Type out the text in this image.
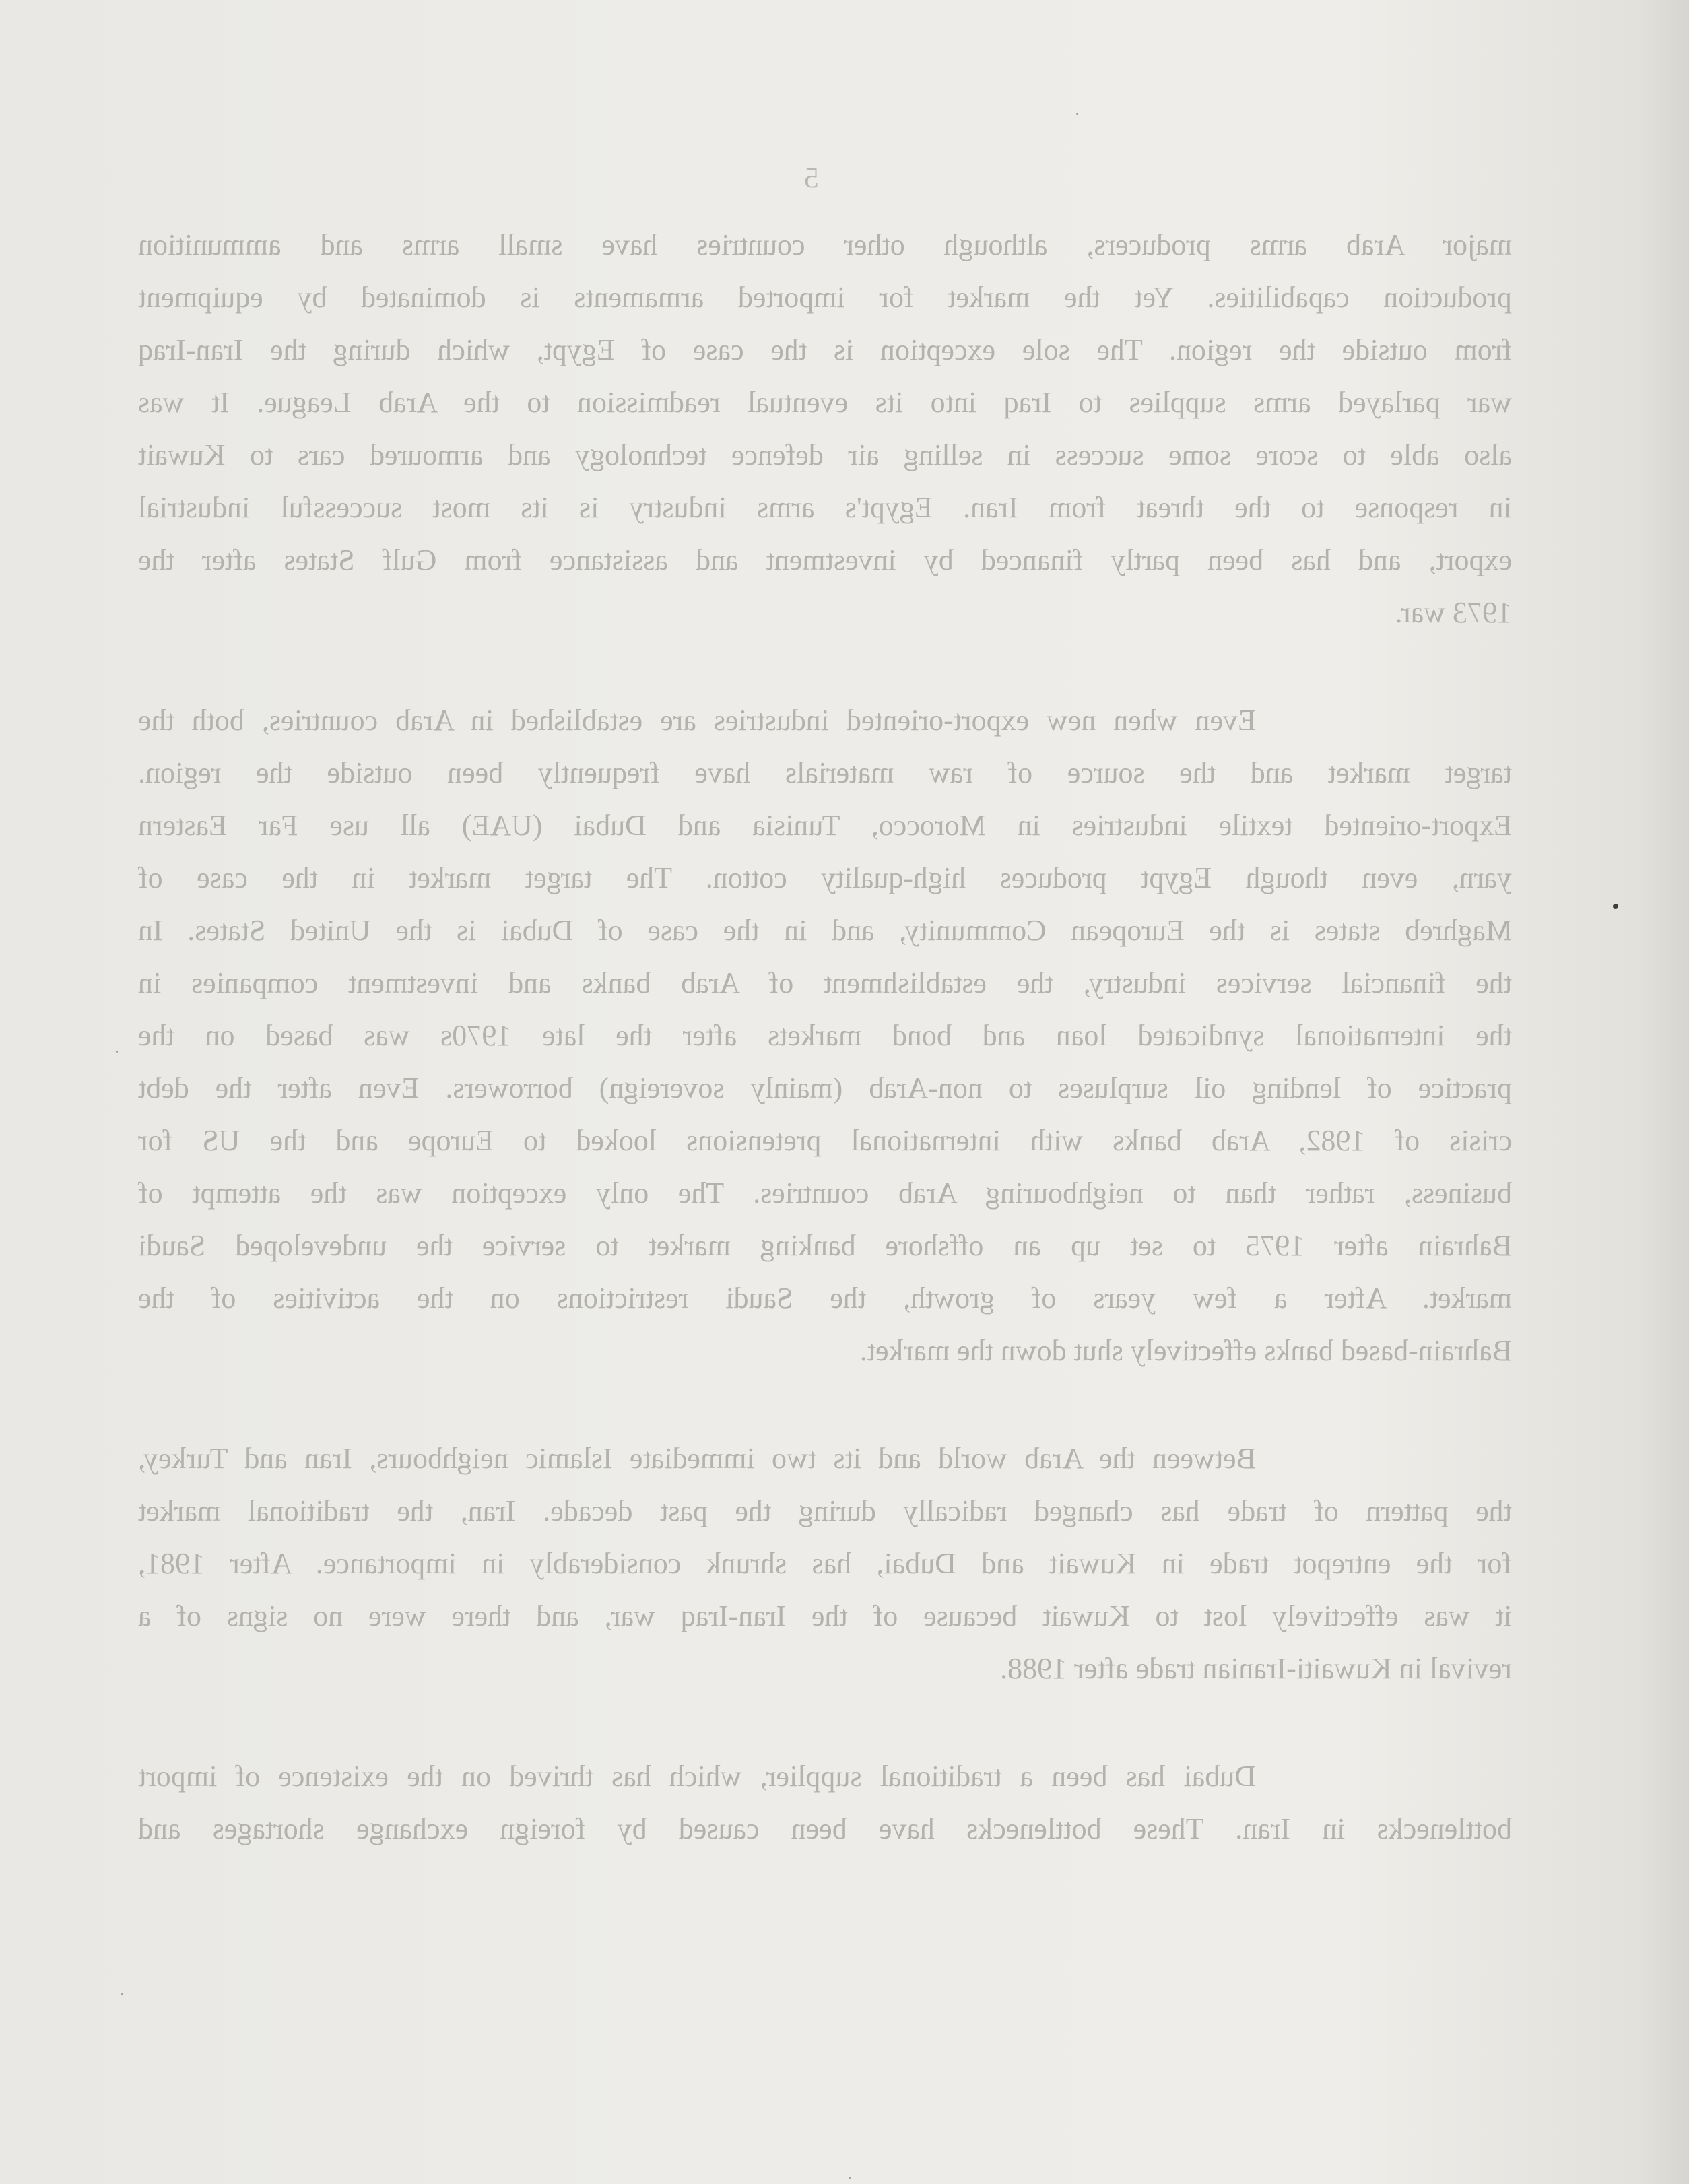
5
major Arab arms producers, although other countries have small arms and ammunition
production capabilities. Yet the market for imported armaments is dominated by equipment
from outside the region. The sole exception is the case of Egypt, which during the Iran-Iraq
war parlayed arms supplies to Iraq into its eventual readmission to the Arab League. It was
also able to score some success in selling air defence technology and armoured cars to Kuwait
in response to the threat from Iran. Egypt's arms industry is its most successful industrial
export, and has been partly financed by investment and assistance from Gulf States after the
1973 war.
Even when new export-oriented industries are established in Arab countries, both the
target market and the source of raw materials have frequently been outside the region.
Export-oriented textile industries in Morocco, Tunisia and Dubai (UAE) all use Far Eastern
yarn, even though Egypt produces high-quality cotton. The target market in the case of
Maghreb states is the European Community, and in the case of Dubai is the United States. In
the financial services industry, the establishment of Arab banks and investment companies in
the international syndicated loan and bond markets after the late 1970s was based on the
practice of lending oil surpluses to non-Arab (mainly sovereign) borrowers. Even after the debt
crisis of 1982, Arab banks with international pretensions looked to Europe and the US for
business, rather than to neighbouring Arab countries. The only exception was the attempt of
Bahrain after 1975 to set up an offshore banking market to service the undeveloped Saudi
market. After a few years of growth, the Saudi restrictions on the activities of the
Bahrain-based banks effectively shut down the market.
Between the Arab world and its two immediate Islamic neighbours, Iran and Turkey,
the pattern of trade has changed radically during the past decade. Iran, the traditional market
for the entrepot trade in Kuwait and Dubai, has shrunk considerably in importance. After 1981,
it was effectively lost to Kuwait because of the Iran-Iraq war, and there were no signs of a
revival in Kuwaiti-Iranian trade after 1988.
Dubai has been a traditional supplier, which has thrived on the existence of import
bottlenecks in Iran. These bottlenecks have been caused by foreign exchange shortages and
